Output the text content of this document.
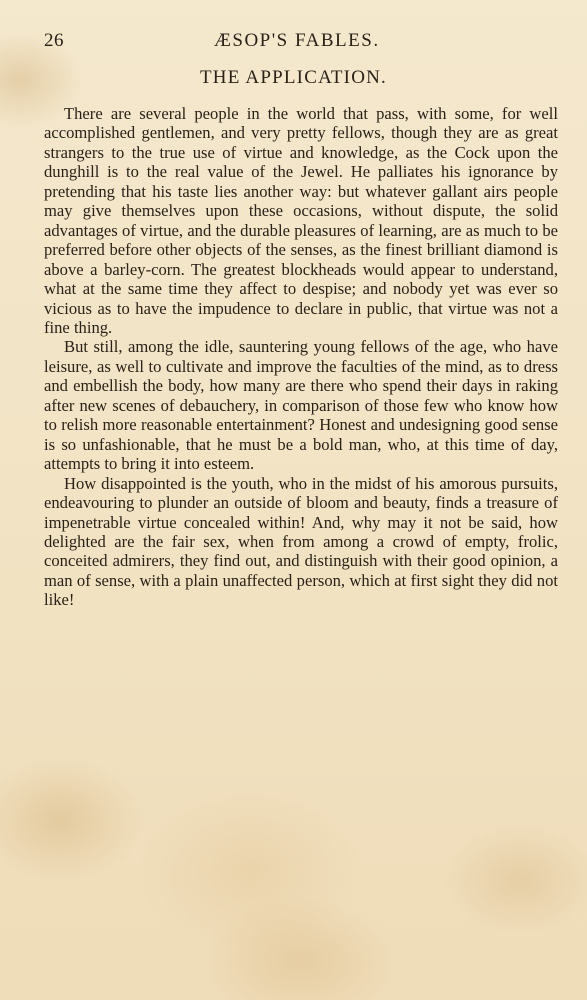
26	ÆSOP'S FABLES.
THE APPLICATION.

There are several people in the world that pass, with some, for well accomplished gentlemen, and very pretty fellows, though they are as great strangers to the true use of virtue and knowledge, as the Cock upon the dunghill is to the real value of the Jewel. He palliates his ignorance by pretending that his taste lies another way: but whatever gallant airs people may give themselves upon these occasions, without dispute, the solid advantages of virtue, and the durable pleasures of learning, are as much to be preferred before other objects of the senses, as the finest brilliant diamond is above a barley-corn. The greatest blockheads would appear to understand, what at the same time they affect to despise; and nobody yet was ever so vicious as to have the impudence to declare in public, that virtue was not a fine thing.

But still, among the idle, sauntering young fellows of the age, who have leisure, as well to cultivate and improve the faculties of the mind, as to dress and embellish the body, how many are there who spend their days in raking after new scenes of debauchery, in comparison of those few who know how to relish more reasonable entertainment? Honest and undesigning good sense is so unfashionable, that he must be a bold man, who, at this time of day, attempts to bring it into esteem.

How disappointed is the youth, who in the midst of his amorous pursuits, endeavouring to plunder an outside of bloom and beauty, finds a treasure of impenetrable virtue concealed within! And, why may it not be said, how delighted are the fair sex, when from among a crowd of empty, frolic, conceited admirers, they find out, and distinguish with their good opinion, a man of sense, with a plain unaffected person, which at first sight they did not like!
